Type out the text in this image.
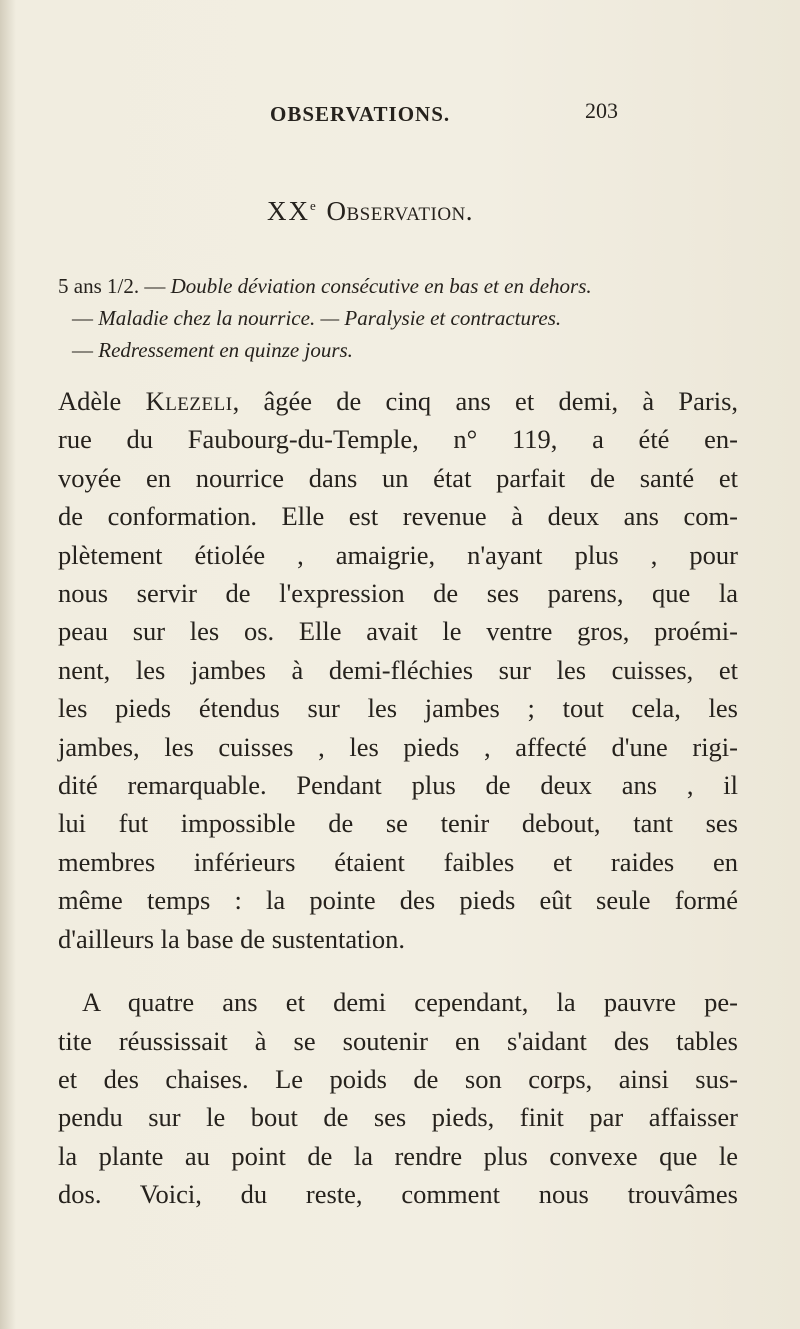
OBSERVATIONS.	203
XXe Observation.
5 ans 1/2. — Double déviation consécutive en bas et en dehors.
— Maladie chez la nourrice. — Paralysie et contractures.
— Redressement en quinze jours.

Adèle Klezeli, âgée de cinq ans et demi, à Paris,
rue du Faubourg-du-Temple, n° 119, a été en-
voyée en nourrice dans un état parfait de santé et
de conformation. Elle est revenue à deux ans com-
plètement étiolée , amaigrie, n'ayant plus , pour
nous servir de l'expression de ses parens, que la
peau sur les os. Elle avait le ventre gros, proémi-
nent, les jambes à demi-fléchies sur les cuisses, et
les pieds étendus sur les jambes ; tout cela, les
jambes, les cuisses , les pieds , affecté d'une rigi-
dité remarquable. Pendant plus de deux ans , il
lui fut impossible de se tenir debout, tant ses
membres inférieurs étaient faibles et raides en
même temps : la pointe des pieds eût seule formé
d'ailleurs la base de sustentation.

A quatre ans et demi cependant, la pauvre pe-
tite réussissait à se soutenir en s'aidant des tables
et des chaises. Le poids de son corps, ainsi sus-
pendu sur le bout de ses pieds, finit par affaisser
la plante au point de la rendre plus convexe que le
dos. Voici, du reste, comment nous trouvâmes
